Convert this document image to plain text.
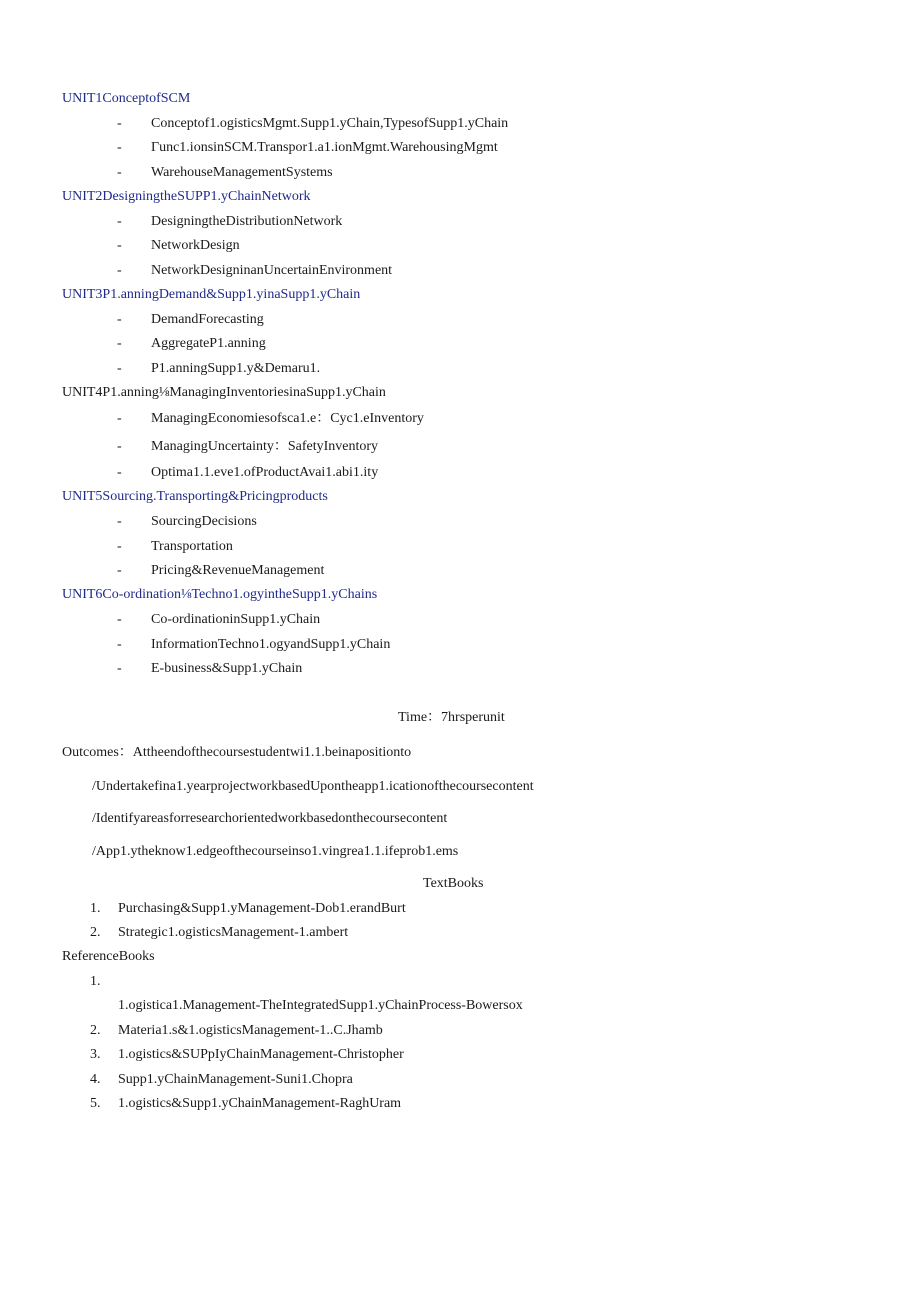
UNIT1ConceptofSCM
- Conceptof1.ogisticsMgmt.Supp1.yChain,TypesofSupp1.yChain
- Γunc1.ionsinSCM.Transpor1.a1.ionMgmt.WarehousingMgmt
- WarehouseManagementSystems
UNIT2DesigningtheSUPP1.yChainNetwork
- DesigningtheDistributionNetwork
- NetworkDesign
- NetworkDesigninanUncertainEnvironment
UNIT3P1.anningDemand&Supp1.yinaSupp1.yChain
- DemandForecasting
- AggregateP1.anning
- P1.anningSupp1.y&Demaru1.
UNIT4P1.anning⅛ManagingInventoriesinaSupp1.yChain
- ManagingEconomiesofsca1.e：Cyc1.eInventory
- ManagingUncertainty：SafetyInventory
- Optima1.1.eve1.ofProductAvai1.abi1.ity
UNIT5Sourcing.Transporting&Pricingproducts
- SourcingDecisions
- Transportation
- Pricing&RevenueManagement
UNIT6Co-ordination⅛Techno1.ogyintheSupp1.yChains
- Co-ordinationinSupp1.yChain
- InformationTechno1.ogyandSupp1.yChain
- E-business&Supp1.yChain
Time：7hrsperunit
Outcomes：Attheendofthecoursestudentwi1.1.beinapositionto
/Undertakefina1.yearprojectworkbasedUpontheapp1.icationofthecoursecontent
/Identifyareasforresearchorientedworkbasedonthecoursecontent
/App1.ytheknow1.edgeofthecourseinso1.vingrea1.1.ifeprob1.ems
TextBooks
1. Purchasing&Supp1.yManagement-Dob1.erandBurt
2. Strategic1.ogisticsManagement-1.ambert
ReferenceBooks
1.
1.ogistica1.Management-TheIntegratedSupp1.yChainProcess-Bowersox
2. Materia1.s&1.ogisticsManagement-1..C.Jhamb
3. 1.ogistics&SUPpIyChainManagement-Christopher
4. Supp1.yChainManagement-Suni1.Chopra
5. 1.ogistics&Supp1.yChainManagement-RaghUram
